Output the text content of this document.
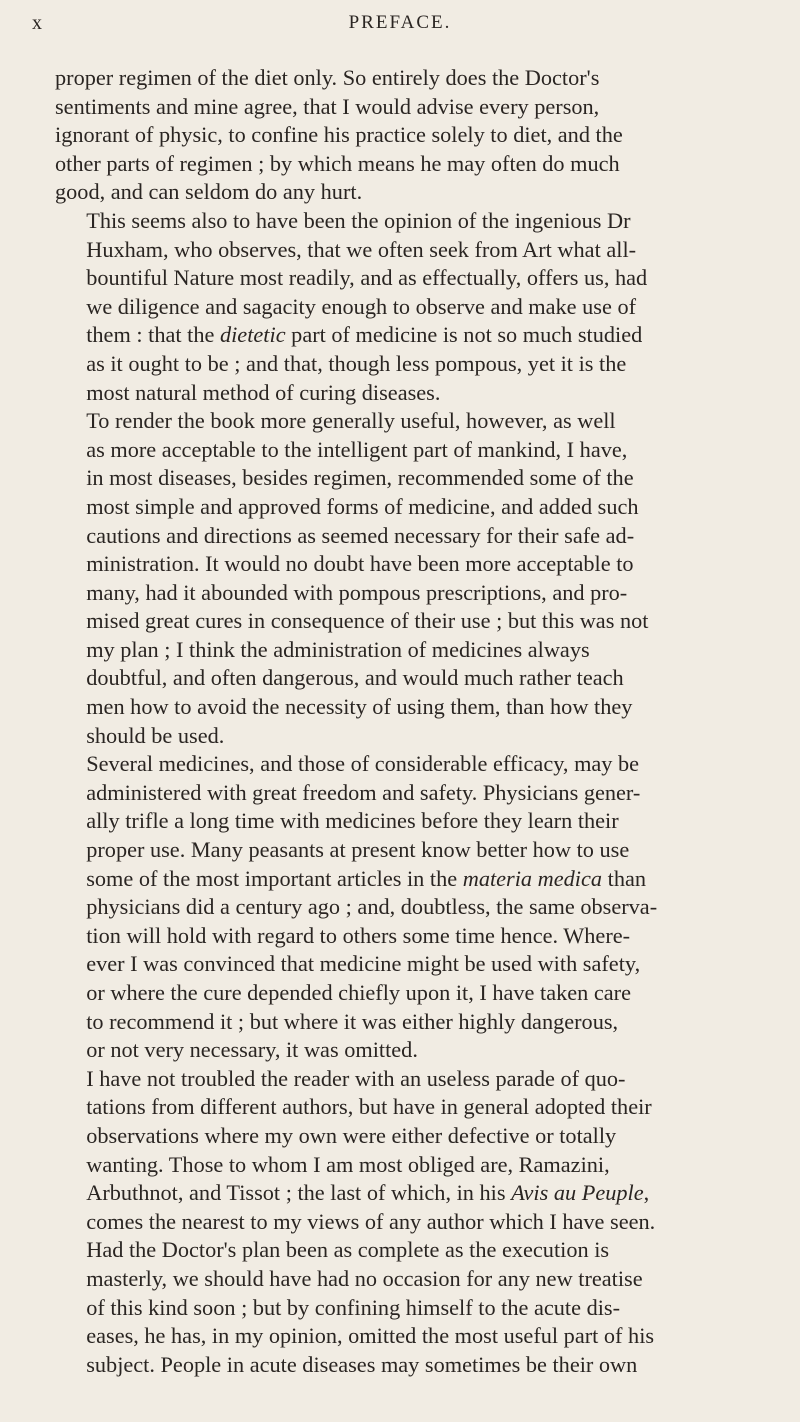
x	PREFACE.

proper regimen of the diet only. So entirely does the Doctor's
sentiments and mine agree, that I would advise every person,
ignorant of physic, to confine his practice solely to diet, and the
other parts of regimen ; by which means he may often do much
good, and can seldom do any hurt.

This seems also to have been the opinion of the ingenious Dr
Huxham, who observes, that we often seek from Art what all-
bountiful Nature most readily, and as effectually, offers us, had
we diligence and sagacity enough to observe and make use of
them : that the dietetic part of medicine is not so much studied
as it ought to be ; and that, though less pompous, yet it is the
most natural method of curing diseases.

To render the book more generally useful, however, as well
as more acceptable to the intelligent part of mankind, I have,
in most diseases, besides regimen, recommended some of the
most simple and approved forms of medicine, and added such
cautions and directions as seemed necessary for their safe ad-
ministration. It would no doubt have been more acceptable to
many, had it abounded with pompous prescriptions, and pro-
mised great cures in consequence of their use ; but this was not
my plan ; I think the administration of medicines always
doubtful, and often dangerous, and would much rather teach
men how to avoid the necessity of using them, than how they
should be used.

Several medicines, and those of considerable efficacy, may be
administered with great freedom and safety. Physicians gener-
ally trifle a long time with medicines before they learn their
proper use. Many peasants at present know better how to use
some of the most important articles in the materia medica than
physicians did a century ago ; and, doubtless, the same observa-
tion will hold with regard to others some time hence. Where-
ever I was convinced that medicine might be used with safety,
or where the cure depended chiefly upon it, I have taken care
to recommend it ; but where it was either highly dangerous,
or not very necessary, it was omitted.

I have not troubled the reader with an useless parade of quo-
tations from different authors, but have in general adopted their
observations where my own were either defective or totally
wanting. Those to whom I am most obliged are, Ramazini,
Arbuthnot, and Tissot ; the last of which, in his Avis au Peuple,
comes the nearest to my views of any author which I have seen.
Had the Doctor's plan been as complete as the execution is
masterly, we should have had no occasion for any new treatise
of this kind soon ; but by confining himself to the acute dis-
eases, he has, in my opinion, omitted the most useful part of his
subject. People in acute diseases may sometimes be their own
